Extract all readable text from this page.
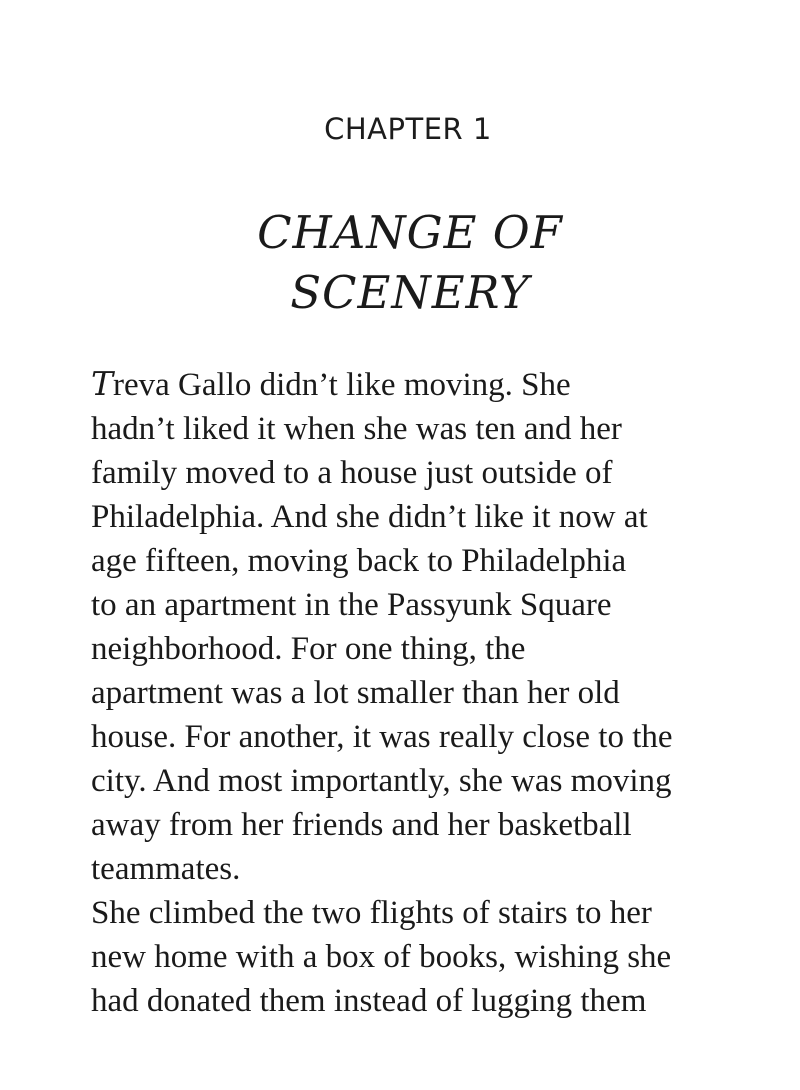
CHAPTER 1
CHANGE OF
SCENERY
Treva Gallo didn’t like moving. She
hadn’t liked it when she was ten and her
family moved to a house just outside of
Philadelphia. And she didn’t like it now at
age fifteen, moving back to Philadelphia
to an apartment in the Passyunk Square
neighborhood. For one thing, the
apartment was a lot smaller than her old
house. For another, it was really close to the
city. And most importantly, she was moving
away from her friends and her basketball
teammates.
She climbed the two flights of stairs to her
new home with a box of books, wishing she
had donated them instead of lugging them
